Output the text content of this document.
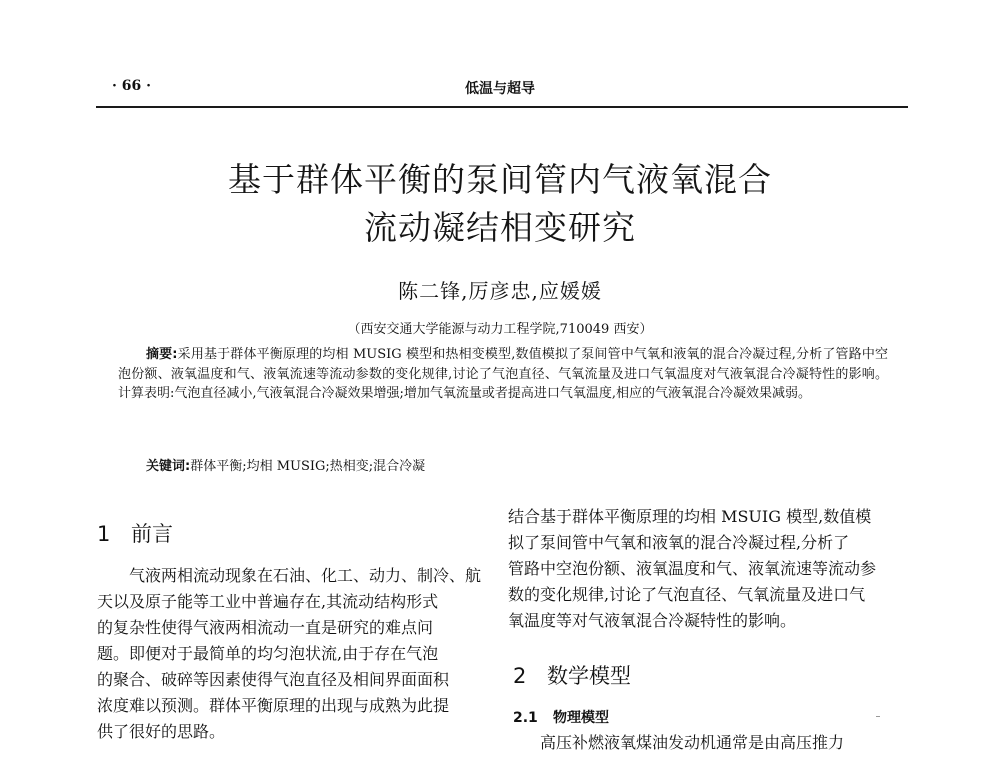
· 66 ·	低温与超导
基于群体平衡的泵间管内气液氧混合
流动凝结相变研究
陈二锋,厉彦忠,应媛媛
（西安交通大学能源与动力工程学院,710049 西安）

摘要:采用基于群体平衡原理的均相 MUSIG 模型和热相变模型,数值模拟了泵间管中气氧和液氧的混合冷凝过程,分析了管路中空泡份额、液氧温度和气、液氧流速等流动参数的变化规律,讨论了气泡直径、气氧流量及进口气氧温度对气液氧混合冷凝特性的影响。计算表明:气泡直径减小,气液氧混合冷凝效果增强;增加气氧流量或者提高进口气氧温度,相应的气液氧混合冷凝效果减弱。

关键词:群体平衡;均相 MUSIG;热相变;混合冷凝
1 前言

　　气液两相流动现象在石油、化工、动力、制冷、航

天以及原子能等工业中普遍存在,其流动结构形式

的复杂性使得气液两相流动一直是研究的难点问

题。即便对于最简单的均匀泡状流,由于存在气泡

的聚合、破碎等因素使得气泡直径及相间界面面积

浓度难以预测。群体平衡原理的出现与成熟为此提

供了很好的思路。

结合基于群体平衡原理的均相 MSUIG 模型,数值模

拟了泵间管中气氧和液氧的混合冷凝过程,分析了

管路中空泡份额、液氧温度和气、液氧流速等流动参

数的变化规律,讨论了气泡直径、气氧流量及进口气

氧温度等对气液氧混合冷凝特性的影响。

2 数学模型
2.1 物理模型

　　高压补燃液氧煤油发动机通常是由高压推力
